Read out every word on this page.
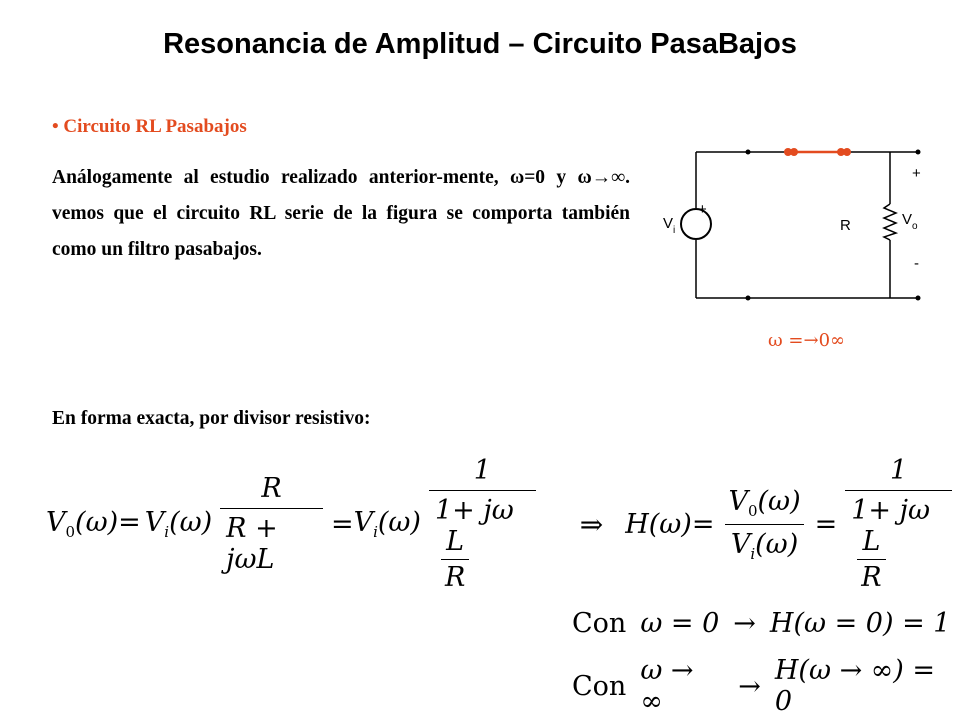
Resonancia de Amplitud – Circuito PasaBajos
• Circuito RL Pasabajos
Análogamente al estudio realizado anterior-mente, ω=0 y ω→∞. vemos que el circuito RL serie de la figura se comporta también como un filtro pasabajos.
$V_i$
+
R	$V_o$
+
-
ω =→0∞
En forma exacta, por divisor resistivo:
$V_0(\omega)= V_i(\omega) \frac{R}{\text{R + jωL}} = V_i(\omega)$ 1
1+ jω
$\frac{L}{R}$ ⇒ $H(\omega)= \frac{V_0(\omega)}{V_i(\omega)} = 1$
1+ jω
$\frac{L}{R}$
Con ω = 0 → H(ω = 0) = 1
Con ω → ∞	→ H(ω → ∞) = 0
